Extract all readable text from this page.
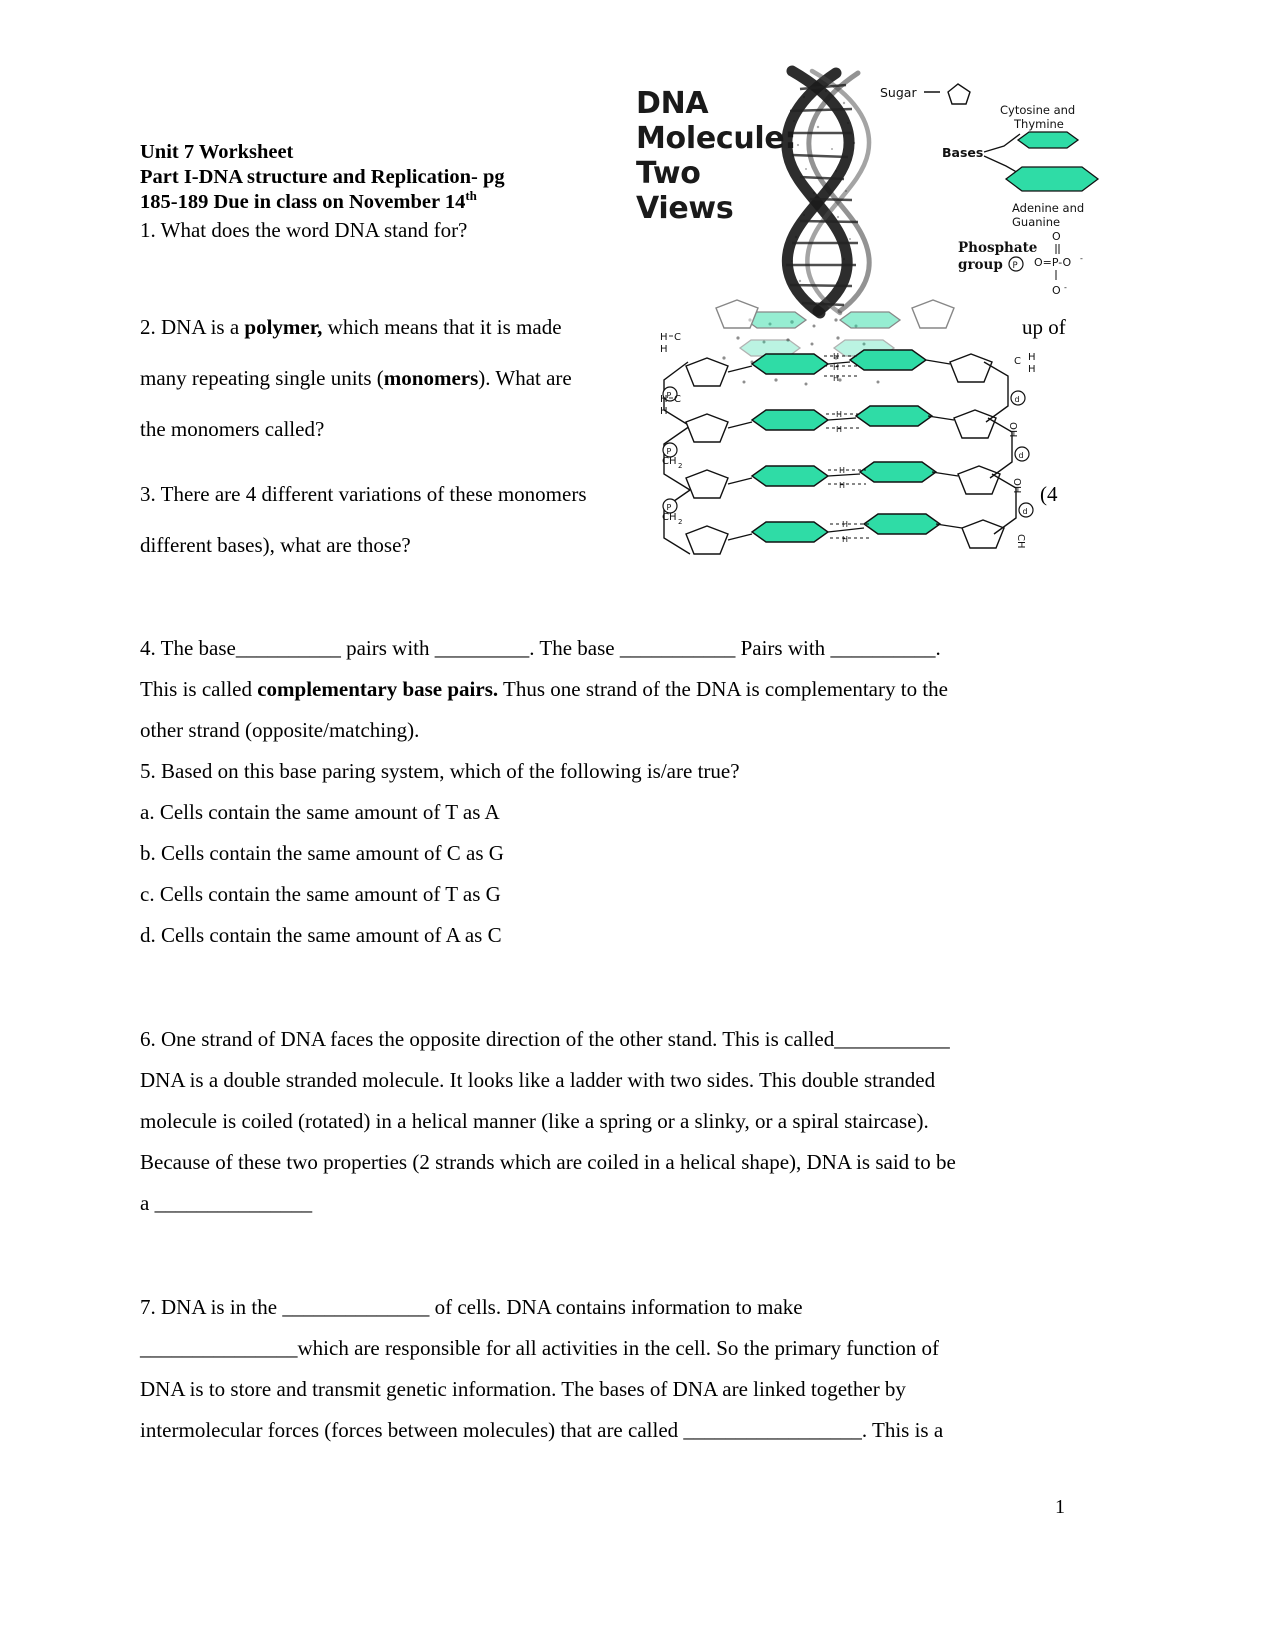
H
H
H
H
H
H
H
H
H
P
P
P
d
d
d
H C
H
H C
H
CH 2
CH 2
C H
H
OH
OH
CH
Sugar
Bases
Cytosine and
Thymine
Adenine and
Guanine
Phosphate
group P
O
O=P-O -
O -
DNA
Molecule:
Two
Views
Unit 7 Worksheet
Part I-DNA structure and Replication- pg
185-189 Due in class on November 14th
1. What does the word DNA stand for?
2. DNA is a polymer, which means that it is made
many repeating single units (monomers). What are
the monomers called?
up of
3. There are 4 different variations of these monomers
different bases), what are those?
(4

4. The base__________ pairs with _________. The base ___________ Pairs with __________.

This is called complementary base pairs. Thus one strand of the DNA is complementary to the

other strand (opposite/matching).

5. Based on this base paring system, which of the following is/are true?

a. Cells contain the same amount of T as A

b. Cells contain the same amount of C as G

c. Cells contain the same amount of T as G

d. Cells contain the same amount of A as C

6. One strand of DNA faces the opposite direction of the other stand. This is called___________

DNA is a double stranded molecule. It looks like a ladder with two sides. This double stranded

molecule is coiled (rotated) in a helical manner (like a spring or a slinky, or a spiral staircase).

Because of these two properties (2 strands which are coiled in a helical shape), DNA is said to be

a _______________

7. DNA is in the ______________ of cells. DNA contains information to make

_______________which are responsible for all activities in the cell. So the primary function of

DNA is to store and transmit genetic information. The bases of DNA are linked together by

intermolecular forces (forces between molecules) that are called _________________. This is a

1
